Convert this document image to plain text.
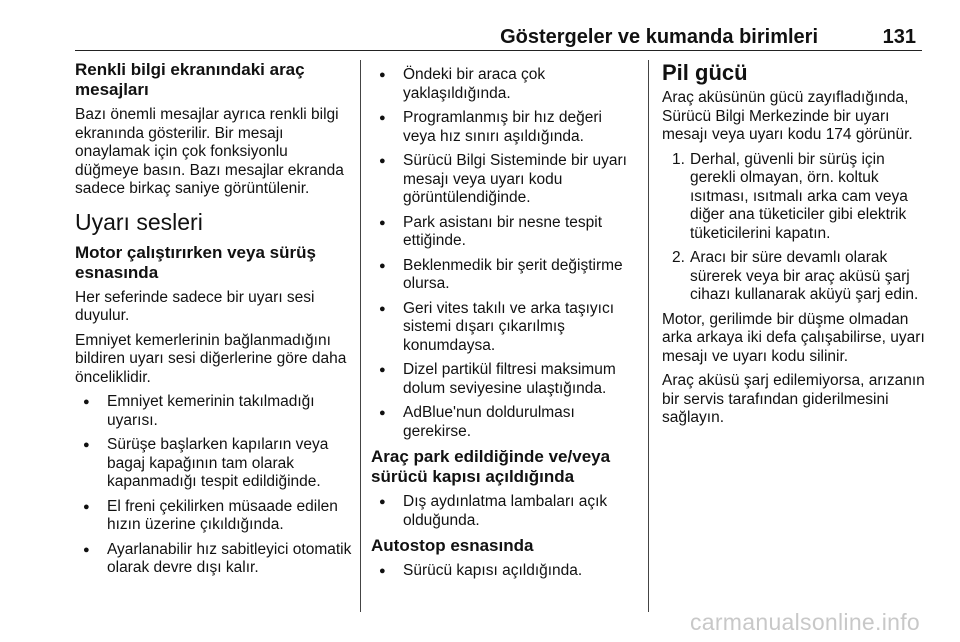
Göstergeler ve kumanda birimleri	131
Renkli bilgi ekranındaki araç mesajları

Bazı önemli mesajlar ayrıca renkli bilgi ekranında gösterilir. Bir mesajı onaylamak için çok fonksiyonlu düğmeye basın. Bazı mesajlar ekranda sadece birkaç saniye görüntülenir.

Uyarı sesleri
Motor çalıştırırken veya sürüş esnasında

Her seferinde sadece bir uyarı sesi duyulur.

Emniyet kemerlerinin bağlanmadığını bildiren uyarı sesi diğerlerine göre daha önceliklidir.

● Emniyet kemerinin takılmadığı uyarısı.
● Sürüşe başlarken kapıların veya bagaj kapağının tam olarak kapanmadığı tespit edildiğinde.
● El freni çekilirken müsaade edilen hızın üzerine çıkıldığında.
● Ayarlanabilir hız sabitleyici otomatik olarak devre dışı kalır.
● Öndeki bir araca çok yaklaşıldığında.
● Programlanmış bir hız değeri veya hız sınırı aşıldığında.
● Sürücü Bilgi Sisteminde bir uyarı mesajı veya uyarı kodu görüntülendiğinde.
● Park asistanı bir nesne tespit ettiğinde.
● Beklenmedik bir şerit değiştirme olursa.
● Geri vites takılı ve arka taşıyıcı sistemi dışarı çıkarılmış konumdaysa.
● Dizel partikül filtresi maksimum dolum seviyesine ulaştığında.
● AdBlue'nun doldurulması gerekirse.
Araç park edildiğinde ve/veya sürücü kapısı açıldığında
● Dış aydınlatma lambaları açık olduğunda.
Autostop esnasında
● Sürücü kapısı açıldığında.
Pil gücü

Araç aküsünün gücü zayıfladığında, Sürücü Bilgi Merkezinde bir uyarı mesajı veya uyarı kodu 174 görünür.

1. Derhal, güvenli bir sürüş için gerekli olmayan, örn. koltuk ısıtması, ısıtmalı arka cam veya diğer ana tüketiciler gibi elektrik tüketicilerini kapatın.
2. Aracı bir süre devamlı olarak sürerek veya bir araç aküsü şarj cihazı kullanarak aküyü şarj edin.

Motor, gerilimde bir düşme olmadan arka arkaya iki defa çalışabilirse, uyarı mesajı ve uyarı kodu silinir.

Araç aküsü şarj edilemiyorsa, arızanın bir servis tarafından giderilmesini sağlayın.

carmanualsonline.info
